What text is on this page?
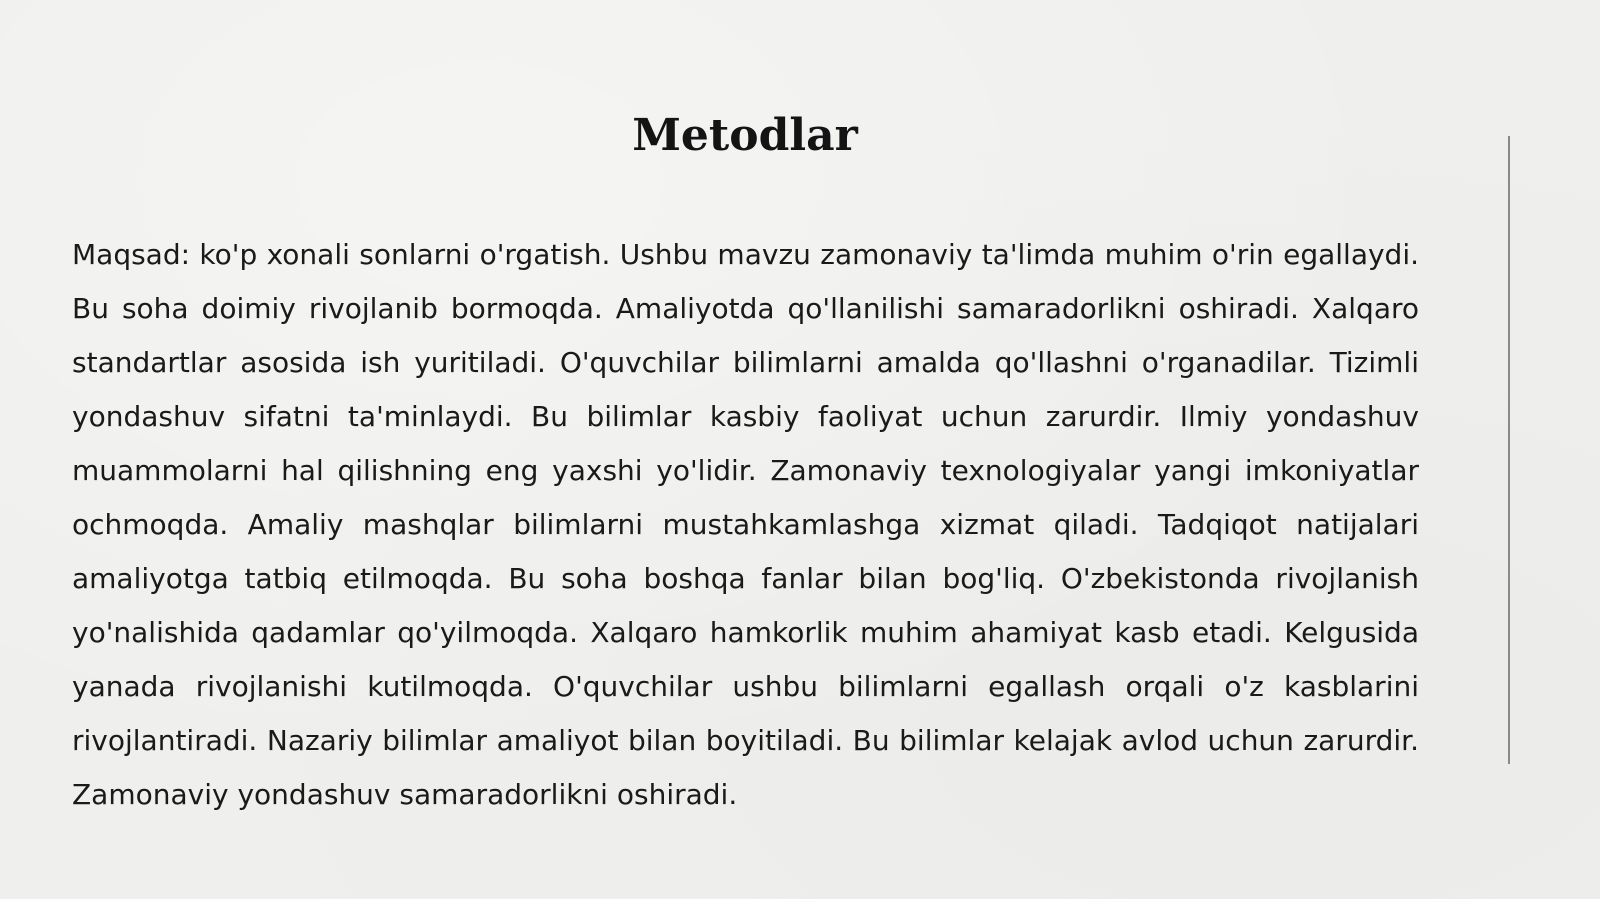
Metodlar

Maqsad: ko'p xonali sonlarni o'rgatish. Ushbu mavzu zamonaviy ta'limda muhim o'rin egallaydi. Bu soha doimiy rivojlanib bormoqda. Amaliyotda qo'llanilishi samaradorlikni oshiradi. Xalqaro standartlar asosida ish yuritiladi. O'quvchilar bilimlarni amalda qo'llashni o'rganadilar. Tizimli yondashuv sifatni ta'minlaydi. Bu bilimlar kasbiy faoliyat uchun zarurdir. Ilmiy yondashuv muammolarni hal qilishning eng yaxshi yo'lidir. Zamonaviy texnologiyalar yangi imkoniyatlar ochmoqda. Amaliy mashqlar bilimlarni mustahkamlashga xizmat qiladi. Tadqiqot natijalari amaliyotga tatbiq etilmoqda. Bu soha boshqa fanlar bilan bog'liq. O'zbekistonda rivojlanish yo'nalishida qadamlar qo'yilmoqda. Xalqaro hamkorlik muhim ahamiyat kasb etadi. Kelgusida yanada rivojlanishi kutilmoqda. O'quvchilar ushbu bilimlarni egallash orqali o'z kasblarini rivojlantiradi. Nazariy bilimlar amaliyot bilan boyitiladi. Bu bilimlar kelajak avlod uchun zarurdir. Zamonaviy yondashuv samaradorlikni oshiradi.
